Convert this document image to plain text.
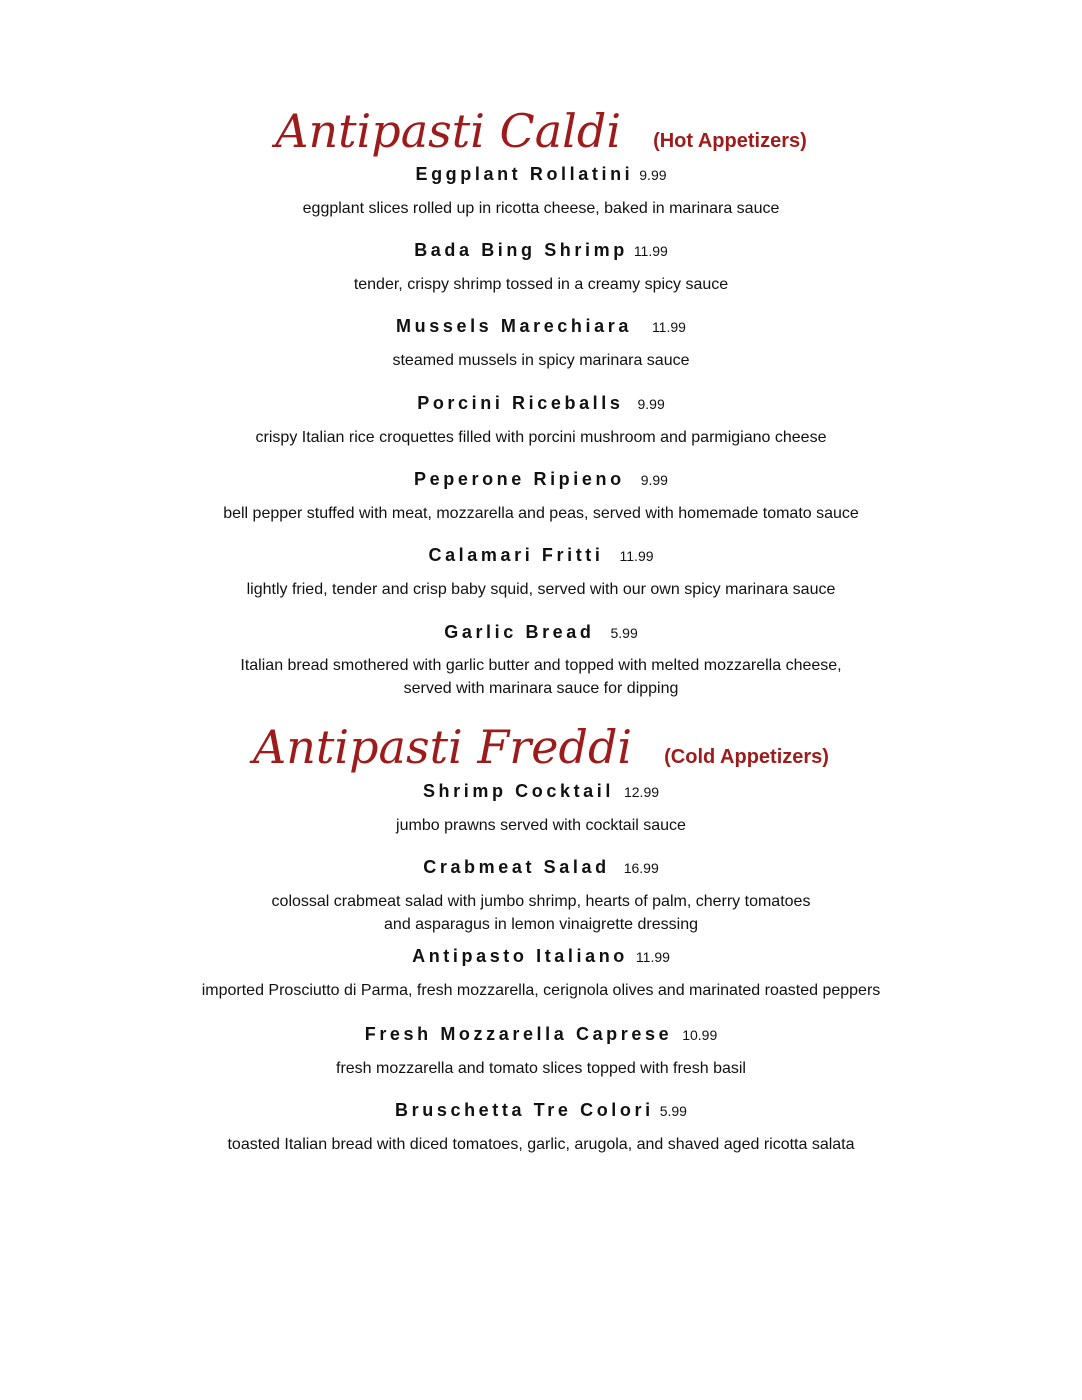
Antipasti Caldi (Hot Appetizers)
Eggplant Rollatini 9.99
eggplant slices rolled up in ricotta cheese, baked in marinara sauce
Bada Bing Shrimp 11.99
tender, crispy shrimp tossed in a creamy spicy sauce
Mussels Marechiara 11.99
steamed mussels in spicy marinara sauce
Porcini Riceballs 9.99
crispy Italian rice croquettes filled with porcini mushroom and parmigiano cheese
Peperone Ripieno 9.99
bell pepper stuffed with meat, mozzarella and peas, served with homemade tomato sauce
Calamari Fritti 11.99
lightly fried, tender and crisp baby squid, served with our own spicy marinara sauce
Garlic Bread 5.99
Italian bread smothered with garlic butter and topped with melted mozzarella cheese,
served with marinara sauce for dipping
Antipasti Freddi (Cold Appetizers)
Shrimp Cocktail 12.99
jumbo prawns served with cocktail sauce
Crabmeat Salad 16.99
colossal crabmeat salad with jumbo shrimp, hearts of palm, cherry tomatoes
and asparagus in lemon vinaigrette dressing
Antipasto Italiano 11.99
imported Prosciutto di Parma, fresh mozzarella, cerignola olives and marinated roasted peppers
Fresh Mozzarella Caprese 10.99
fresh mozzarella and tomato slices topped with fresh basil
Bruschetta Tre Colori 5.99
toasted Italian bread with diced tomatoes, garlic, arugola, and shaved aged ricotta salata
